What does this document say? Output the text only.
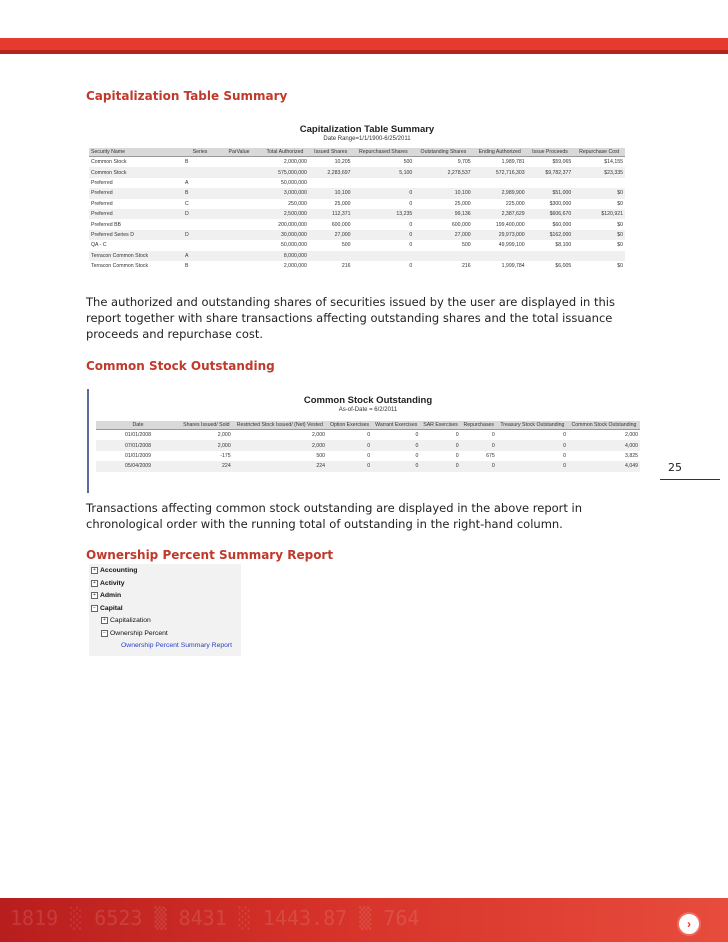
Capitalization Table Summary
Capitalization Table Summary
Date Range=1/1/1900-6/25/2011
Security Name	Series	ParValue	Total Authorized	Issued Shares	Repurchased Shares	Outstanding Shares	Ending Authorized	Issue Proceeds	Repurchase Cost
Common Stock	B		2,000,000	10,205	500	9,705	1,989,781	$59,065	$14,155
Common Stock			575,000,000	2,283,697	5,100	2,278,537	572,716,303	$9,782,377	$23,335
Preferred	A		50,000,000						
Preferred	B		3,000,000	10,100	0	10,100	2,989,900	$51,000	$0
Preferred	C		250,000	25,000	0	25,000	225,000	$300,000	$0
Preferred	D		2,500,000	112,371	13,235	99,136	2,387,629	$606,670	$120,921
Preferred BB			200,000,000	600,000	0	600,000	199,400,000	$60,000	$0
Preferred Series D	D		30,000,000	27,000	0	27,000	29,973,000	$162,000	$0
QA - C			50,000,000	500	0	500	49,999,100	$8,100	$0
Terracon Common Stock	A		8,000,000						
Terracon Common Stock	B		2,000,000	216	0	216	1,999,784	$6,005	$0
The authorized and outstanding shares of securities issued by the user are displayed in this report together with share transactions affecting outstanding shares and the total issuance proceeds and repurchase cost.
Common Stock Outstanding
Common Stock Outstanding
As-of-Date = 6/2/2011
Date	Shares Issued/ Sold	Restricted Stock Issued/ (Net) Vested	Option Exercises	Warrant Exercises	SAR Exercises	Repurchases	Treasury Stock Outstanding	Common Stock Outstanding
01/01/2008	2,000	2,000	0	0	0	0	0	2,000
07/01/2008	2,000	2,000	0	0	0	0	0	4,000
01/01/2009	-175	500	0	0	0	675	0	3,825
05/04/2009	224	224	0	0	0	0	0	4,049	25
Transactions affecting common stock outstanding are displayed in the above report in chronological order with the running total of outstanding in the right-hand column.
Ownership Percent Summary Report
+ Accounting
+ Activity
+ Admin
− Capital
+ Capitalization
− Ownership Percent
Ownership Percent Summary Report
1819 ░ 6523 ▒ 8431 ░ 1443.87 ▒ 764	›
